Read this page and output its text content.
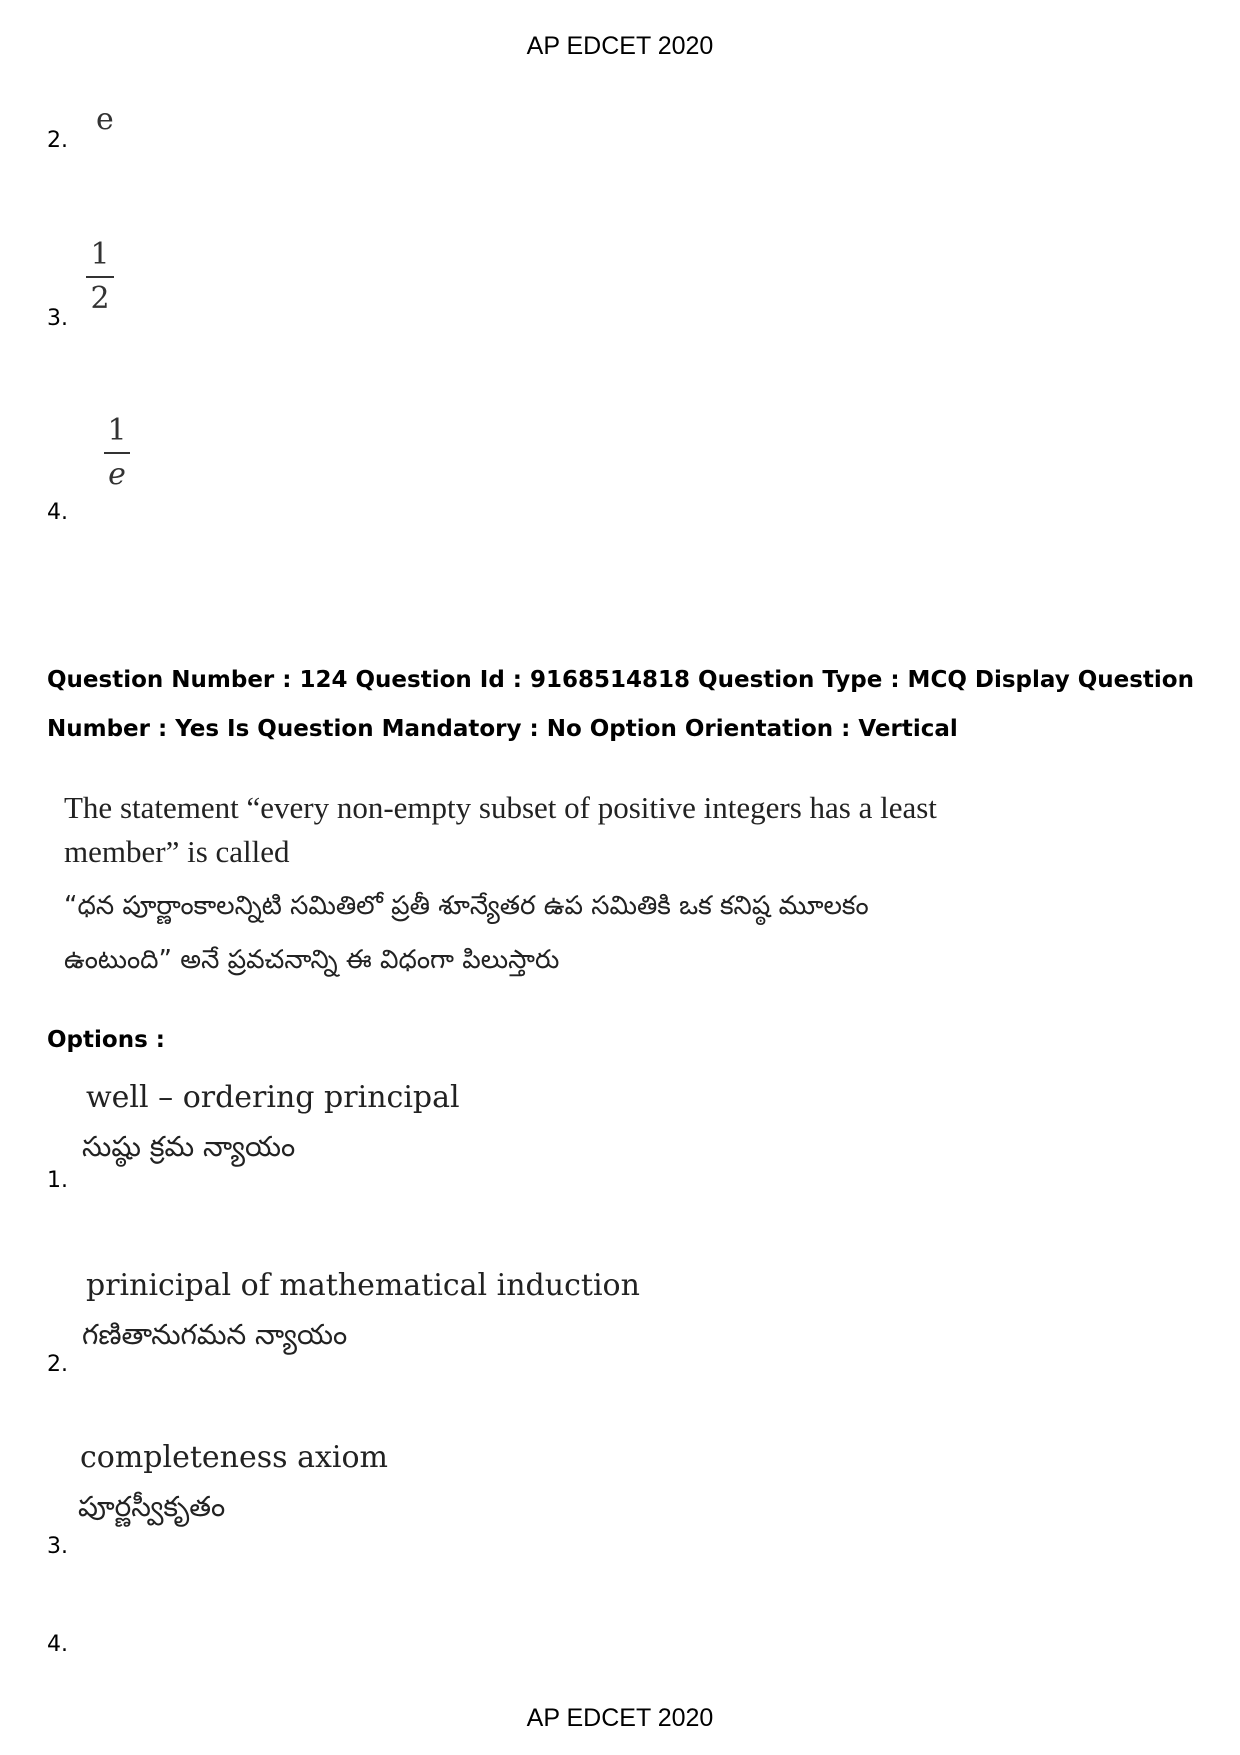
AP EDCET 2020
2.
e
3.
1
2
4.
1
e
Question Number : 124 Question Id : 9168514818 Question Type : MCQ Display Question
Number : Yes Is Question Mandatory : No Option Orientation : Vertical
The statement “every non-empty subset of positive integers has a least
member” is called
“ధన పూర్ణాంకాలన్నిటి సమితిలో ప్రతీ శూన్యేతర ఉప సమితికి ఒక కనిష్ఠ మూలకం
ఉంటుంది” అనే ప్రవచనాన్ని ఈ విధంగా పిలుస్తారు
Options :
well – ordering principal
సుష్ఠు క్రమ న్యాయం
1.
prinicipal of mathematical induction
గణితానుగమన న్యాయం
2.
completeness axiom
పూర్ణస్వీకృతం
3.
4.
AP EDCET 2020
